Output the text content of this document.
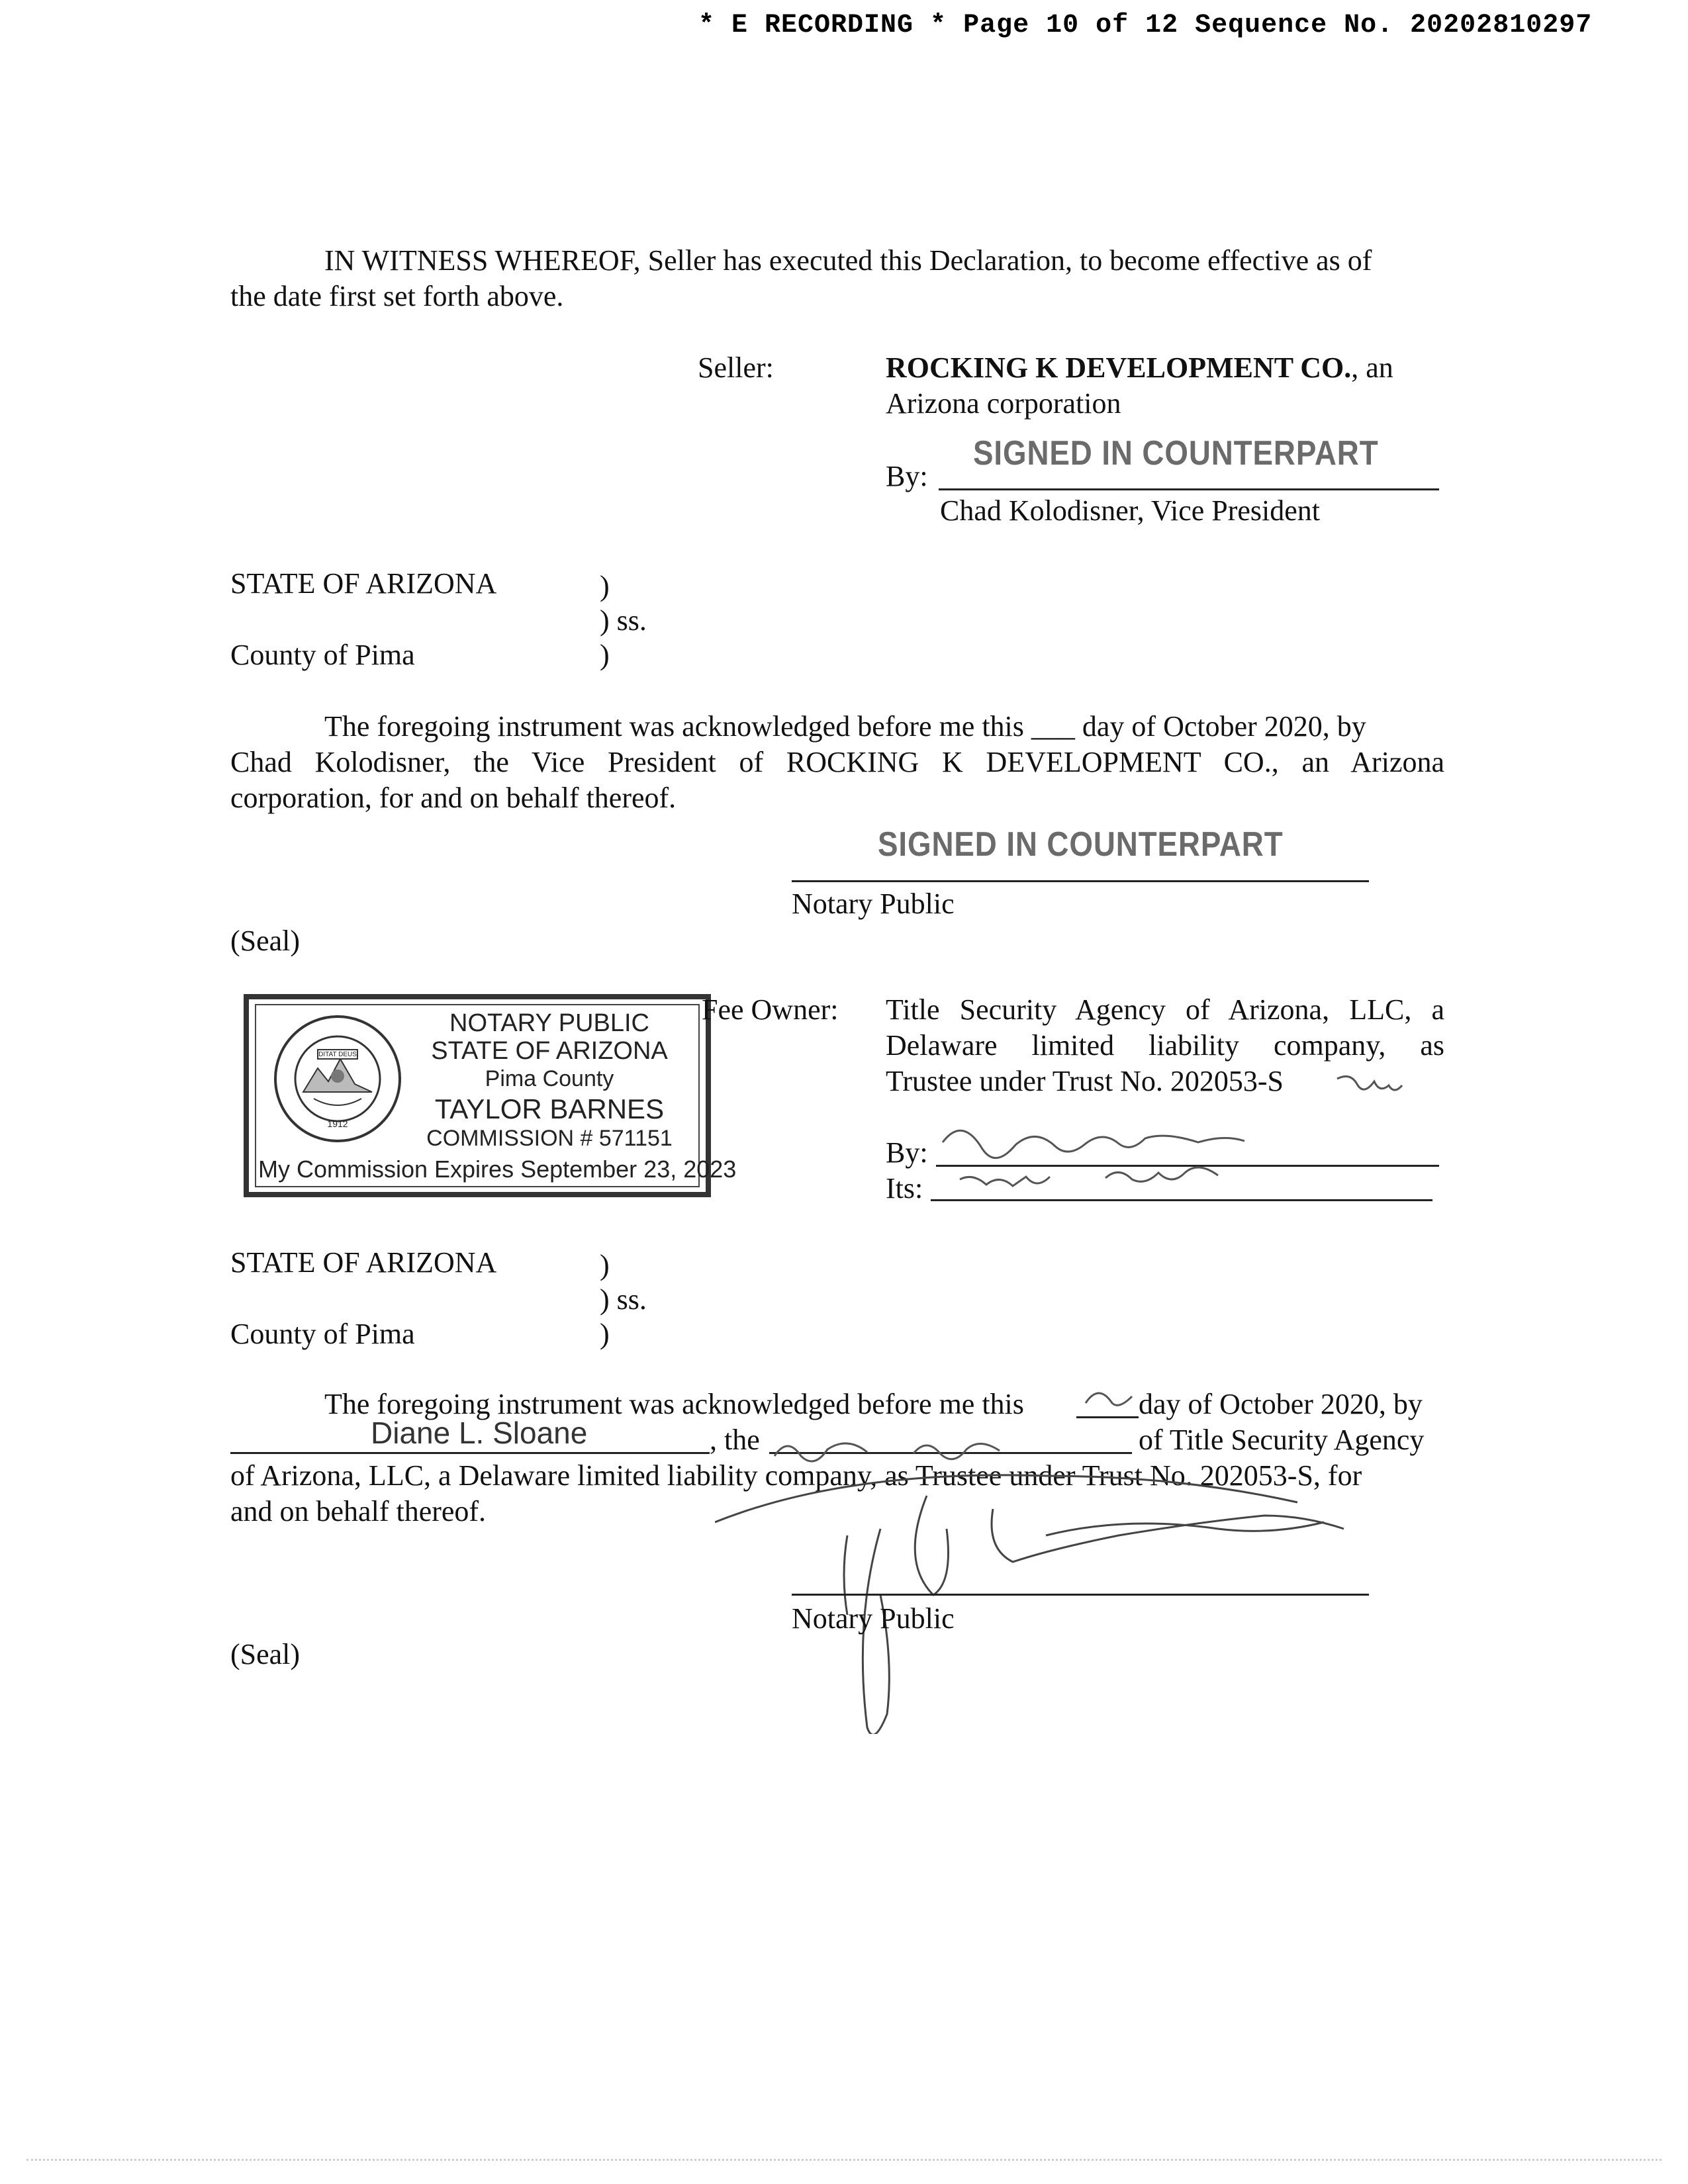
* E RECORDING * Page 10 of 12 Sequence No. 20202810297
IN WITNESS WHEREOF, Seller has executed this Declaration, to become effective as of
the date first set forth above.
Seller:	ROCKING K DEVELOPMENT CO., an
Arizona corporation
By:
SIGNED IN COUNTERPART
Chad Kolodisner, Vice President
STATE OF ARIZONA	)
) ss.
County of Pima	)
The foregoing instrument was acknowledged before me this ___ day of October 2020, by
Chad Kolodisner, the Vice President of ROCKING K DEVELOPMENT CO., an Arizona
corporation, for and on behalf thereof.
SIGNED IN COUNTERPART
Notary Public
(Seal)
DITAT DEUS
1912
NOTARY PUBLIC
STATE OF ARIZONA
Pima County
TAYLOR BARNES
COMMISSION # 571151
My Commission Expires September 23, 2023
Fee Owner: Title Security Agency of Arizona, LLC, a
Delaware limited liability company, as
Trustee under Trust No. 202053-S
By:
Its:
STATE OF ARIZONA	)
) ss.
County of Pima	)
The foregoing instrument was acknowledged before me this	day of October 2020, by
Diane L. Sloane	, the	of Title Security Agency
of Arizona, LLC, a Delaware limited liability company, as Trustee under Trust No. 202053-S, for
and on behalf thereof.
Notary Public
(Seal)
